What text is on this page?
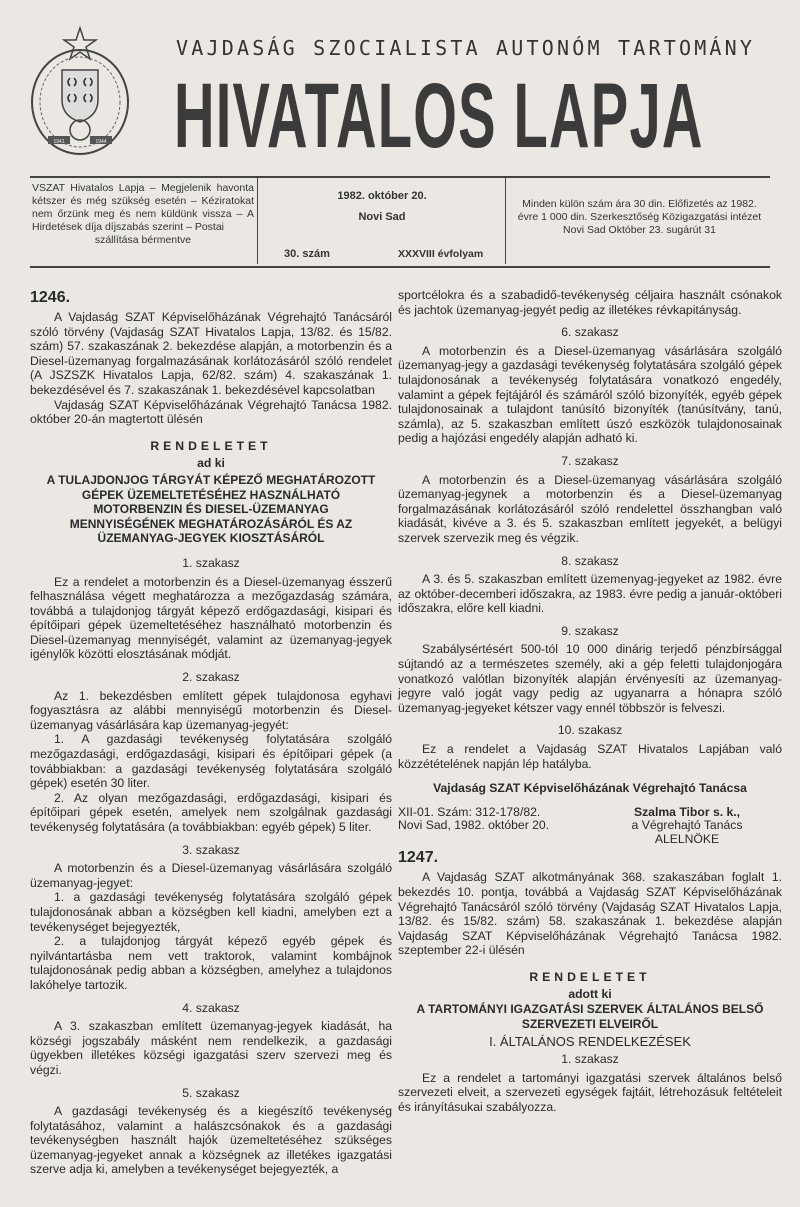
1941	1944
VAJDASÁG SZOCIALISTA AUTONÓM TARTOMÁNY
HIVATALOS LAPJA
VSZAT Hivatalos Lapja – Megjelenik havonta kétszer és még szükség esetén – Kéziratokat nem őrzünk meg és nem küldünk vissza – A Hirdetések díja díjszabás szerint – Postai
szállítása bérmentve
1982. október 20.
Novi Sad
30. szám	XXXVIII évfolyam
Minden külön szám ára 30 din. Előfizetés az 1982. évre 1 000 din. Szerkesztőség Közigazgatási intézet Novi Sad Október 23. sugárút 31
1246.

A Vajdaság SZAT Képviselőházának Végrehajtó Tanácsáról szóló törvény (Vajdaság SZAT Hivatalos Lapja, 13/82. és 15/82. szám) 57. szakaszának 2. bekezdése alapján, a motorbenzin és a Diesel-üzemanyag forgalmazásának korlátozásáról szóló rendelet (A JSZSZK Hivatalos Lapja, 62/82. szám) 4. szakaszának 1. bekezdésével és 7. szakaszának 1. bekezdésével kapcsolatban

Vajdaság SZAT Képviselőházának Végrehajtó Tanácsa 1982. október 20-án magtertott ülésén

RENDELETET
ad ki
A TULAJDONJOG TÁRGYÁT KÉPEZŐ MEGHATÁROZOTT GÉPEK ÜZEMELTETÉSÉHEZ HASZNÁLHATÓ MOTORBENZIN ÉS DIESEL-ÜZEMANYAG MENNYISÉGÉNEK MEGHATÁROZÁSÁRÓL ÉS AZ ÜZEMANYAG-JEGYEK KIOSZTÁSÁRÓL
1. szakasz

Ez a rendelet a motorbenzin és a Diesel-üzemanyag ésszerű felhasználása végett meghatározza a mezőgazdaság számára, továbbá a tulajdonjog tárgyát képező erdőgazdasági, kisipari és építőipari gépek üzemeltetéséhez használható motorbenzin és Diesel-üzemanyag mennyiségét, valamint az üzemanyag-jegyek igénylők közötti elosztásának módját.

2. szakasz

Az 1. bekezdésben említett gépek tulajdonosa egyhavi fogyasztásra az alábbi mennyiségű motorbenzin és Diesel-üzemanyag vásárlására kap üzemanyag-jegyét:

1. A gazdasági tevékenység folytatására szolgáló mezőgazdasági, erdőgazdasági, kisipari és építőipari gépek (a továbbiakban: a gazdasági tevékenység folytatására szolgáló gépek) esetén 30 liter.

2. Az olyan mezőgazdasági, erdőgazdasági, kisipari és építőipari gépek esetén, amelyek nem szolgálnak gazdasági tevékenység folytatására (a továbbiakban: egyéb gépek) 5 liter.

3. szakasz

A motorbenzin és a Diesel-üzemanyag vásárlására szolgáló üzemanyag-jegyet:

1. a gazdasági tevékenység folytatására szolgáló gépek tulajdonosának abban a községben kell kiadni, amelyben ezt a tevékenységet bejegyezték,

2. a tulajdonjog tárgyát képező egyéb gépek és nyilvántartásba nem vett traktorok, valamint kombájnok tulajdonosának pedig abban a községben, amelyhez a tulajdonos lakóhelye tartozik.

4. szakasz

A 3. szakaszban említett üzemanyag-jegyek kiadását, ha községi jogszabály másként nem rendelkezik, a gazdasági ügyekben illetékes községi igazgatási szerv szervezi meg és végzi.

5. szakasz

A gazdasági tevékenység és a kiegészítő tevékenység folytatásához, valamint a halászcsónakok és a gazdasági tevékenységben használt hajók üzemeltetéséhez szükséges üzemanyag-jegyeket annak a községnek az illetékes igazgatási szerve adja ki, amelyben a tevékenységet bejegyezték, a

sportcélokra és a szabadidő-tevékenység céljaira használt csónakok és jachtok üzemanyag-jegyét pedig az illetékes révkapitányság.
6. szakasz

A motorbenzin és a Diesel-üzemanyag vásárlására szolgáló üzemanyag-jegy a gazdasági tevékenység folytatására szolgáló gépek tulajdonosának a tevékenység folytatására vonatkozó engedély, valamint a gépek fejtájáról és számáról szóló bizonyíték, egyéb gépek tulajdonosainak a tulajdont tanúsító bizonyíték (tanúsítvány, tanú, számla), az 5. szakaszban említett úszó eszközök tulajdonosainak pedig a hajózási engedély alapján adható ki.

7. szakasz

A motorbenzin és a Diesel-üzemanyag vásárlására szolgáló üzemanyag-jegynek a motorbenzin és a Diesel-üzemanyag forgalmazásának korlátozásáról szóló rendelettel összhangban való kiadását, kivéve a 3. és 5. szakaszban említett jegyekét, a belügyi szervek szervezik meg és végzik.

8. szakasz

A 3. és 5. szakaszban említett üzemenyag-jegyeket az 1982. évre az október-decemberi időszakra, az 1983. évre pedig a január-októberi időszakra, előre kell kiadni.

9. szakasz

Szabálysértésért 500-tól 10 000 dinárig terjedő pénzbírsággal sújtandó az a természetes személy, aki a gép feletti tulajdonjogára vonatkozó valótlan bizonyíték alapján érvényesíti az üzemanyag-jegyre való jogát vagy pedig az ugyanarra a hónapra szóló üzemanyag-jegyeket kétszer vagy ennél többször is felveszi.

10. szakasz

Ez a rendelet a Vajdaság SZAT Hivatalos Lapjában való közzétételének napján lép hatályba.

Vajdaság SZAT Képviselőházának Végrehajtó Tanácsa
XII-01. Szám: 312-178/82.
Novi Sad, 1982. október 20.
Szalma Tibor s. k.,
a Végrehajtó Tanács
ALELNÖKE
1247.

A Vajdaság SZAT alkotmányának 368. szakaszában foglalt 1. bekezdés 10. pontja, továbbá a Vajdaság SZAT Képviselőházának Végrehajtó Tanácsáról szóló törvény (Vajdaság SZAT Hivatalos Lapja, 13/82. és 15/82. szám) 58. szakaszának 1. bekezdése alapján Vajdaság SZAT Képviselőházának Végrehajtó Tanácsa 1982. szeptember 22-i ülésén

RENDELETET
adott ki
A TARTOMÁNYI IGAZGATÁSI SZERVEK ÁLTALÁNOS BELSŐ SZERVEZETI ELVEIRŐL
I. ÁLTALÁNOS RENDELKEZÉSEK
1. szakasz

Ez a rendelet a tartományi igazgatási szervek általános belső szervezeti elveit, a szervezeti egységek fajtáit, létrehozásuk feltételeit és irányításukai szabályozza.
